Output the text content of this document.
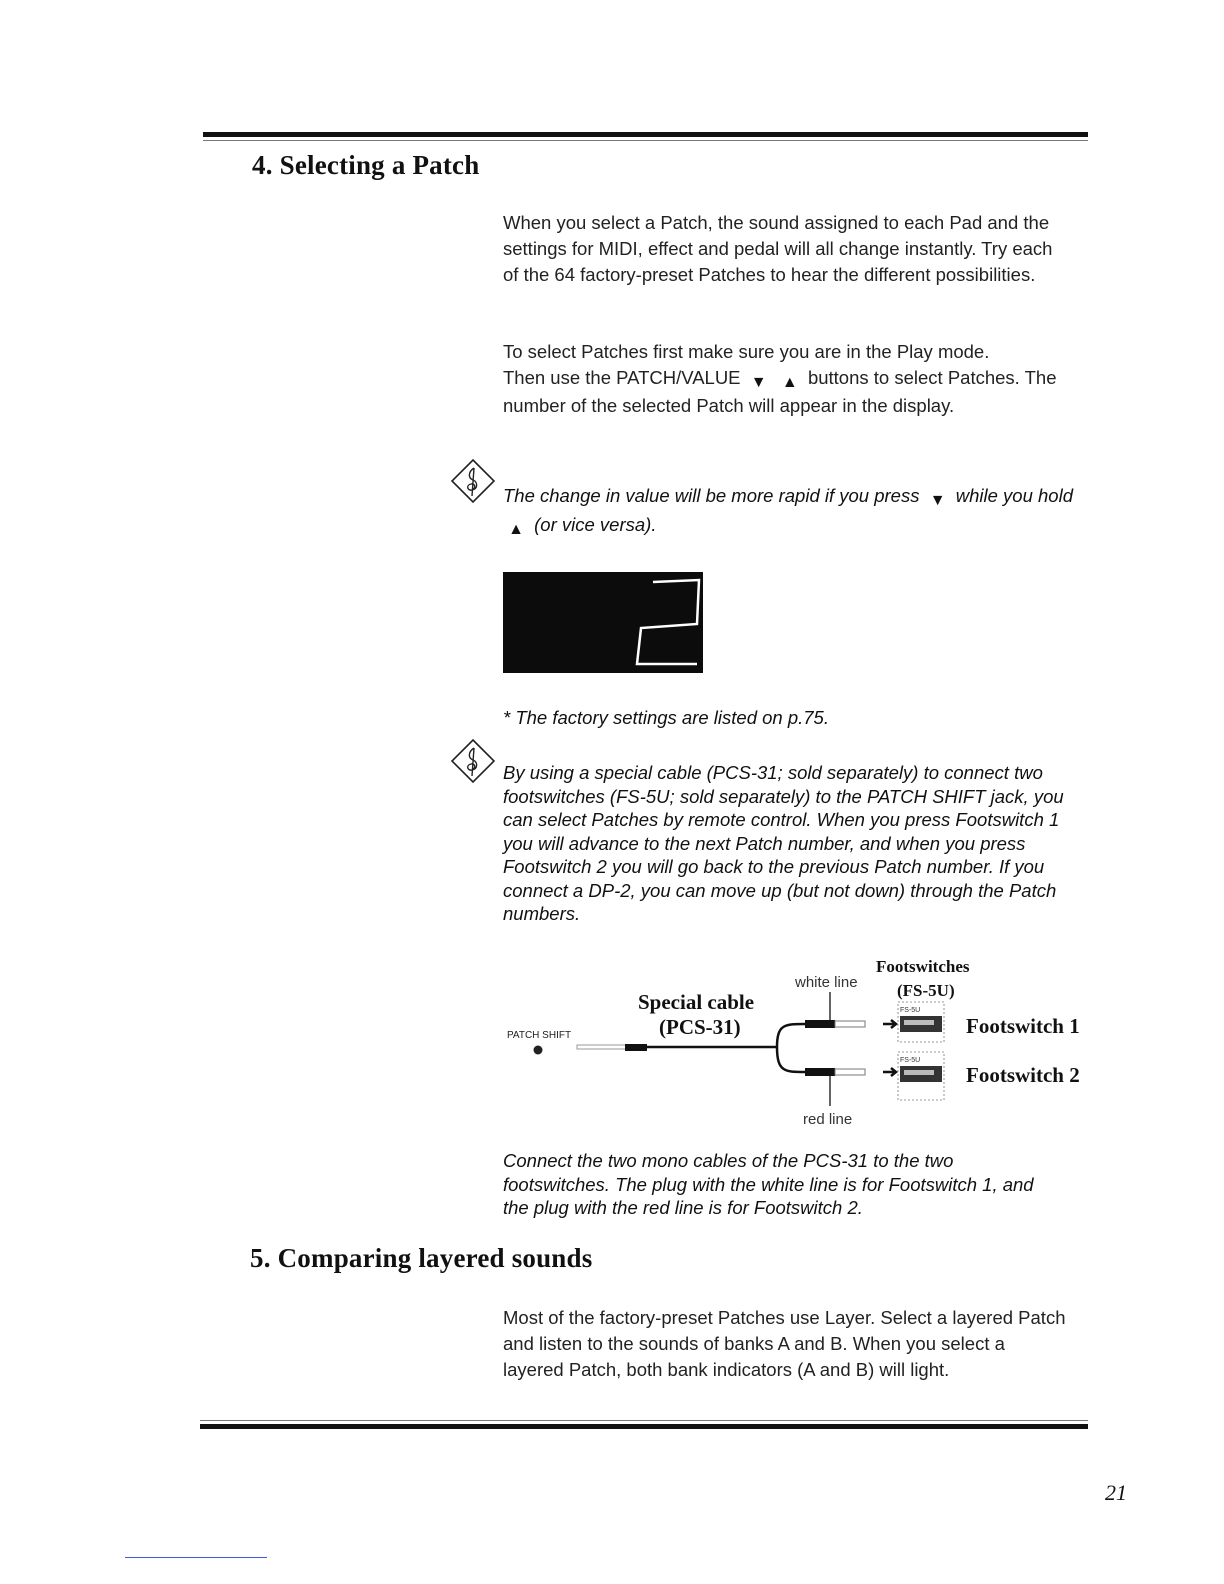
4. Selecting a Patch

When you select a Patch, the sound assigned to each Pad and the settings for MIDI, effect and pedal will all change instantly. Try each of the 64 factory-preset Patches to hear the different possibilities.

To select Patches first make sure you are in the Play mode.
Then use the PATCH/VALUE ▼ ▲ buttons to select Patches. The number of the selected Patch will appear in the display.

The change in value will be more rapid if you press ▼ while you hold ▲ (or vice versa).

2

* The factory settings are listed on p.75.

By using a special cable (PCS-31; sold separately) to connect two footswitches (FS-5U; sold separately) to the PATCH SHIFT jack, you can select Patches by remote control. When you press Footswitch 1 you will advance to the next Patch number, and when you press Footswitch 2 you will go back to the previous Patch number. If you connect a DP-2, you can move up (but not down) through the Patch numbers.

PATCH SHIFT
Special cable
(PCS-31)
white line
red line
Footswitches
(FS-5U)
Footswitch 1
Footswitch 2
FS-5U
FS-5U

Connect the two mono cables of the PCS-31 to the two footswitches. The plug with the white line is for Footswitch 1, and the plug with the red line is for Footswitch 2.

5. Comparing layered sounds

Most of the factory-preset Patches use Layer. Select a layered Patch and listen to the sounds of banks A and B. When you select a layered Patch, both bank indicators (A and B) will light.

21
